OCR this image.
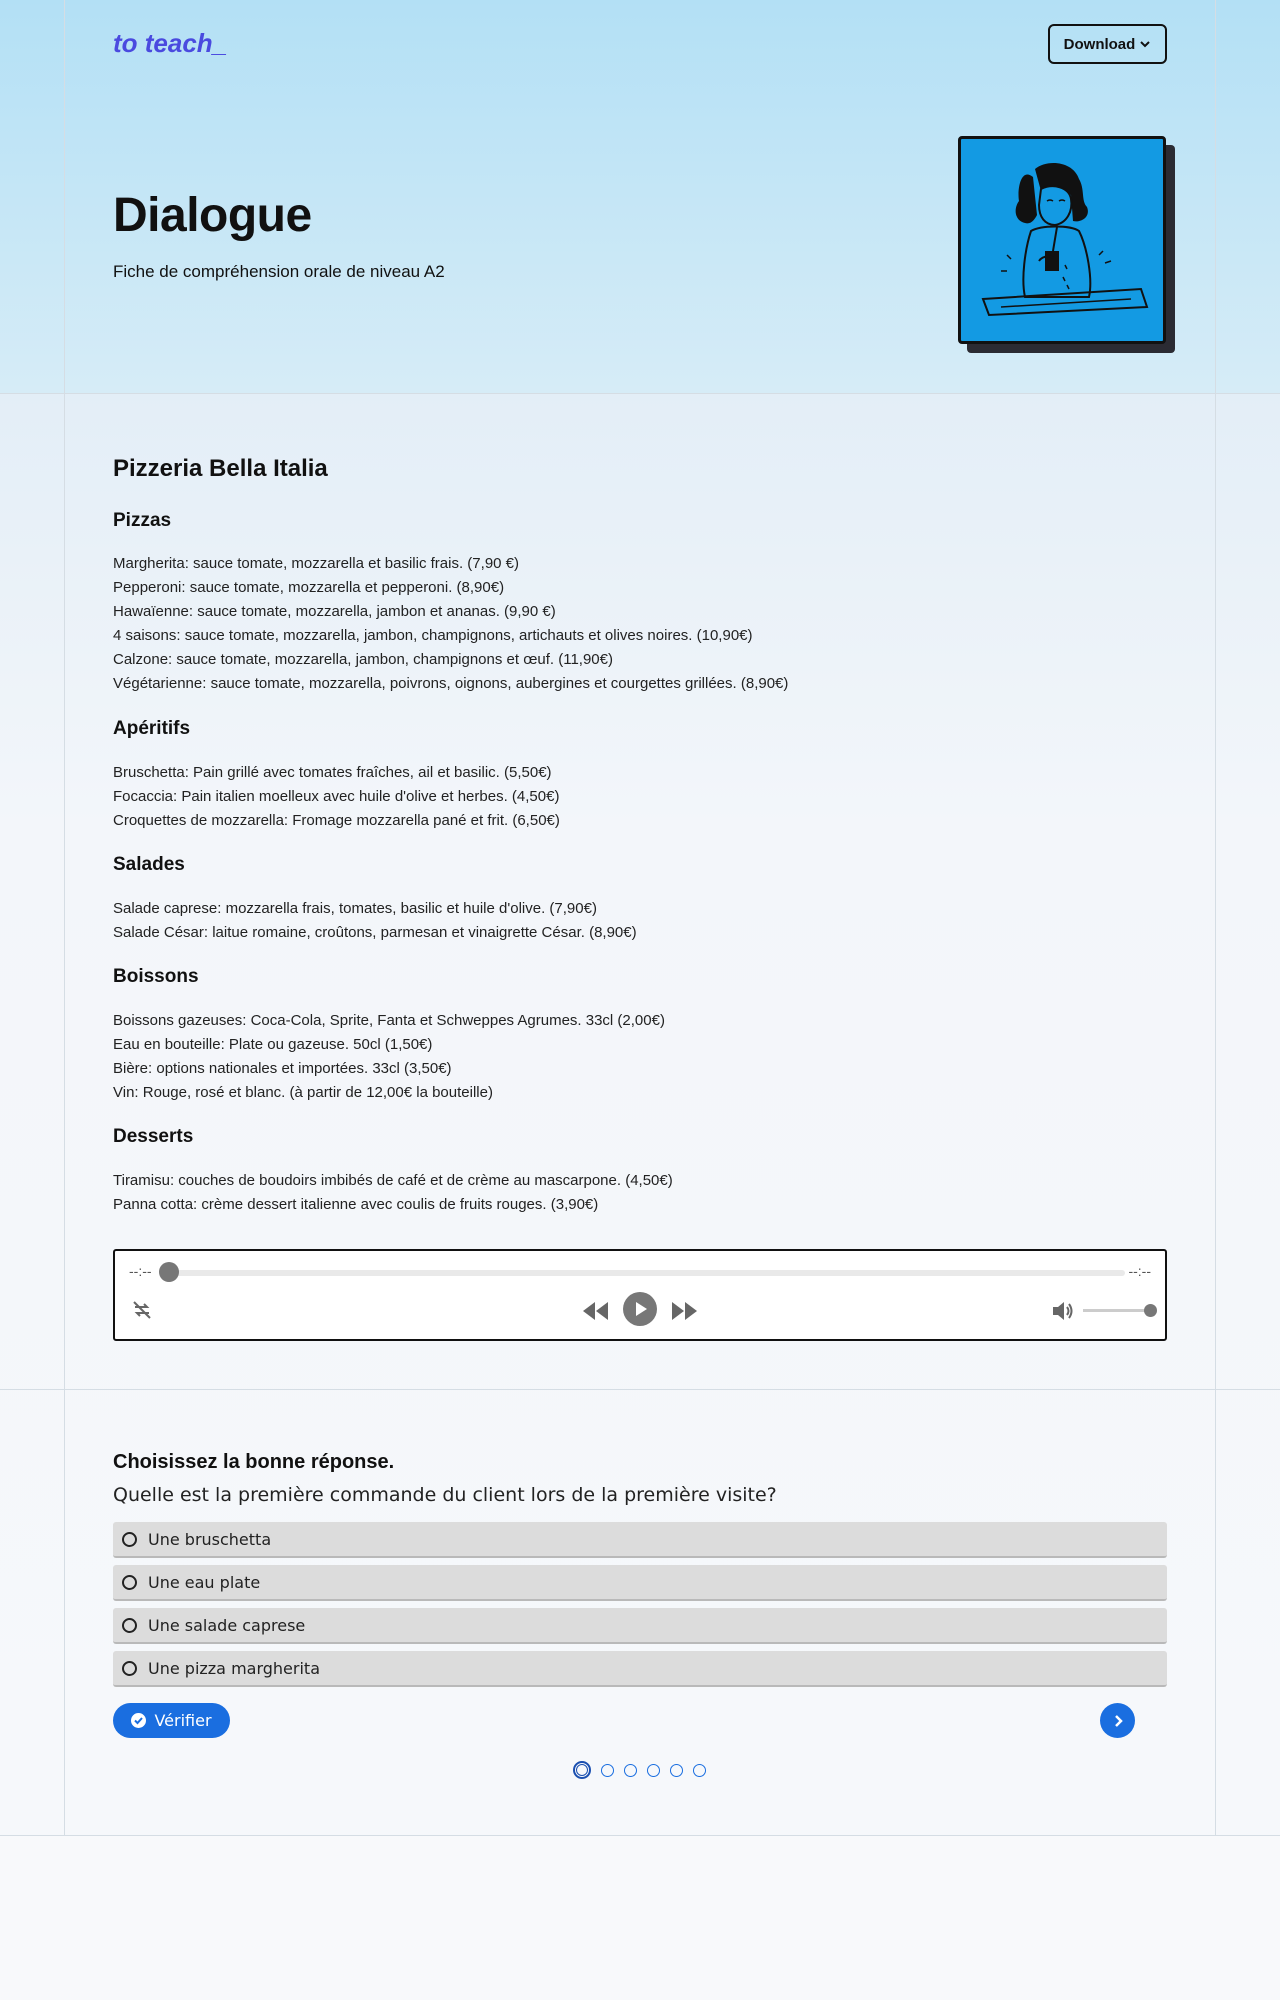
to teach_	Download
Dialogue

Fiche de compréhension orale de niveau A2

Pizzeria Bella Italia
Pizzas
Margherita: sauce tomate, mozzarella et basilic frais. (7,90 €)
Pepperoni: sauce tomate, mozzarella et pepperoni. (8,90€)
Hawaïenne: sauce tomate, mozzarella, jambon et ananas. (9,90 €)
4 saisons: sauce tomate, mozzarella, jambon, champignons, artichauts et olives noires. (10,90€)
Calzone: sauce tomate, mozzarella, jambon, champignons et œuf. (11,90€)
Végétarienne: sauce tomate, mozzarella, poivrons, oignons, aubergines et courgettes grillées. (8,90€)
Apéritifs
Bruschetta: Pain grillé avec tomates fraîches, ail et basilic. (5,50€)
Focaccia: Pain italien moelleux avec huile d'olive et herbes. (4,50€)
Croquettes de mozzarella: Fromage mozzarella pané et frit. (6,50€)
Salades
Salade caprese: mozzarella frais, tomates, basilic et huile d'olive. (7,90€)
Salade César: laitue romaine, croûtons, parmesan et vinaigrette César. (8,90€)
Boissons
Boissons gazeuses: Coca-Cola, Sprite, Fanta et Schweppes Agrumes. 33cl (2,00€)
Eau en bouteille: Plate ou gazeuse. 50cl (1,50€)
Bière: options nationales et importées. 33cl (3,50€)
Vin: Rouge, rosé et blanc. (à partir de 12,00€ la bouteille)
Desserts
Tiramisu: couches de boudoirs imbibés de café et de crème au mascarpone. (4,50€)
Panna cotta: crème dessert italienne avec coulis de fruits rouges. (3,90€)
--:--	--:--
Choisissez la bonne réponse.

Quelle est la première commande du client lors de la première visite?

Une bruschetta
Une eau plate
Une salade caprese
Une pizza margherita
Vérifier
